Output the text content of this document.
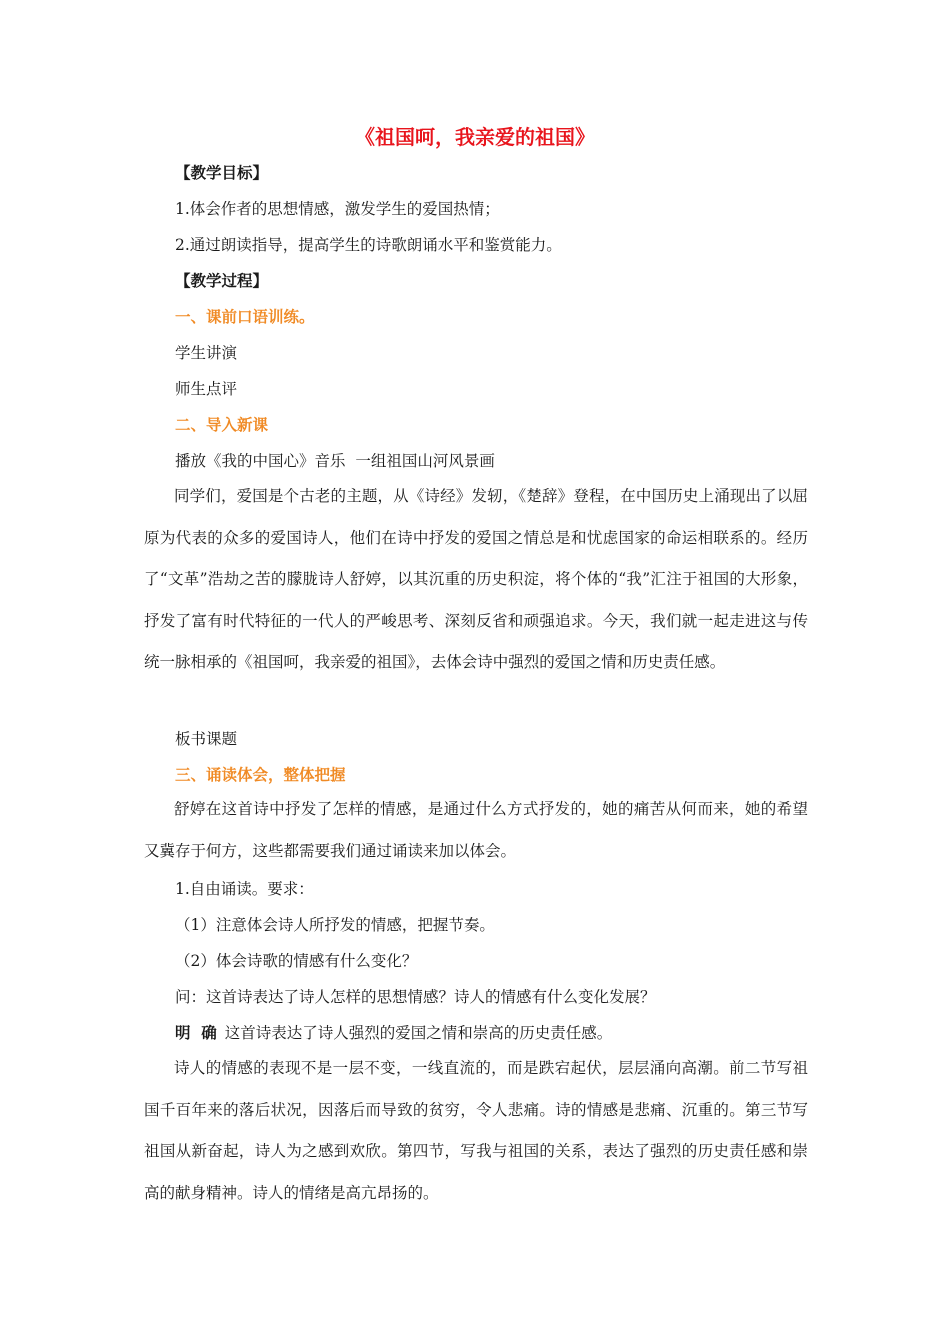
《祖国呵，我亲爱的祖国》
【教学目标】
1.体会作者的思想情感，激发学生的爱国热情；
2.通过朗读指导，提高学生的诗歌朗诵水平和鉴赏能力。
【教学过程】
一、课前口语训练。
学生讲演
师生点评
二、导入新课
播放《我的中国心》音乐  一组祖国山河风景画
同学们，爱国是个古老的主题，从《诗经》发轫，《楚辞》登程，在中国历史上涌现出了以屈原为代表的众多的爱国诗人，他们在诗中抒发的爱国之情总是和忧虑国家的命运相联系的。经历了“文革”浩劫之苦的朦胧诗人舒婷，以其沉重的历史积淀，将个体的“我”汇注于祖国的大形象，抒发了富有时代特征的一代人的严峻思考、深刻反省和顽强追求。今天，我们就一起走进这与传统一脉相承的《祖国呵，我亲爱的祖国》，去体会诗中强烈的爱国之情和历史责任感。
板书课题
三、诵读体会，整体把握
舒婷在这首诗中抒发了怎样的情感，是通过什么方式抒发的，她的痛苦从何而来，她的希望又冀存于何方，这些都需要我们通过诵读来加以体会。
1.自由诵读。要求：
（1）注意体会诗人所抒发的情感，把握节奏。
（2）体会诗歌的情感有什么变化？
问：这首诗表达了诗人怎样的思想情感？诗人的情感有什么变化发展？
明  确 这首诗表达了诗人强烈的爱国之情和崇高的历史责任感。
诗人的情感的表现不是一层不变，一线直流的，而是跌宕起伏，层层涌向高潮。前二节写祖国千百年来的落后状况，因落后而导致的贫穷，令人悲痛。诗的情感是悲痛、沉重的。第三节写祖国从新奋起，诗人为之感到欢欣。第四节，写我与祖国的关系，表达了强烈的历史责任感和崇高的献身精神。诗人的情绪是高亢昂扬的。
